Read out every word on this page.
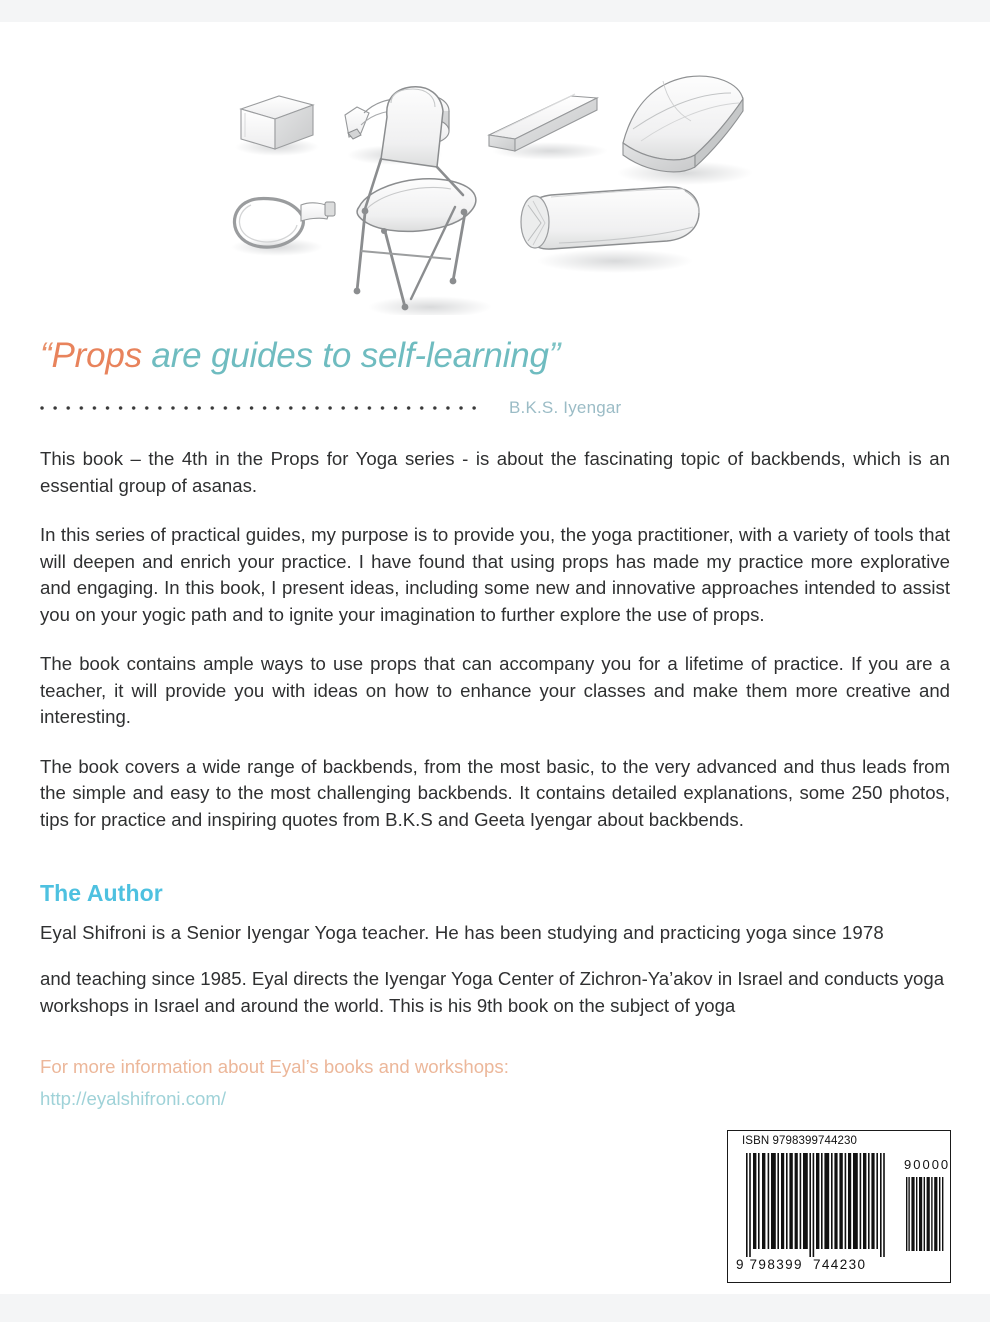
“Props are guides to self-learning”
B.K.S. Iyengar

This book – the 4th in the Props for Yoga series - is about the fascinating topic of backbends, which is an essential group of asanas.

In this series of practical guides, my purpose is to provide you, the yoga practitioner, with a variety of tools that will deepen and enrich your practice. I have found that using props has made my practice more explorative and engaging. In this book, I present ideas, including some new and innovative approaches intended to assist you on your yogic path and to ignite your imagination to further explore the use of props.

The book contains ample ways to use props that can accompany you for a lifetime of practice. If you are a teacher, it will provide you with ideas on how to enhance your classes and make them more creative and interesting.

The book covers a wide range of backbends, from the most basic, to the very advanced and thus leads from the simple and easy to the most challenging backbends. It contains detailed explanations, some 250 photos, tips for practice and inspiring quotes from B.K.S and Geeta Iyengar about backbends.

The Author
Eyal Shifroni is a Senior Iyengar Yoga teacher. He has been studying and practicing yoga since 1978
and teaching since 1985. Eyal directs the Iyengar Yoga Center of Zichron-Ya’akov in Israel and conducts yoga workshops in Israel and around the world. This is his 9th book on the subject of yoga
For more information about Eyal’s books and workshops:
http://eyalshifroni.com/
ISBN 9798399744230
90000
9 798399 744230
